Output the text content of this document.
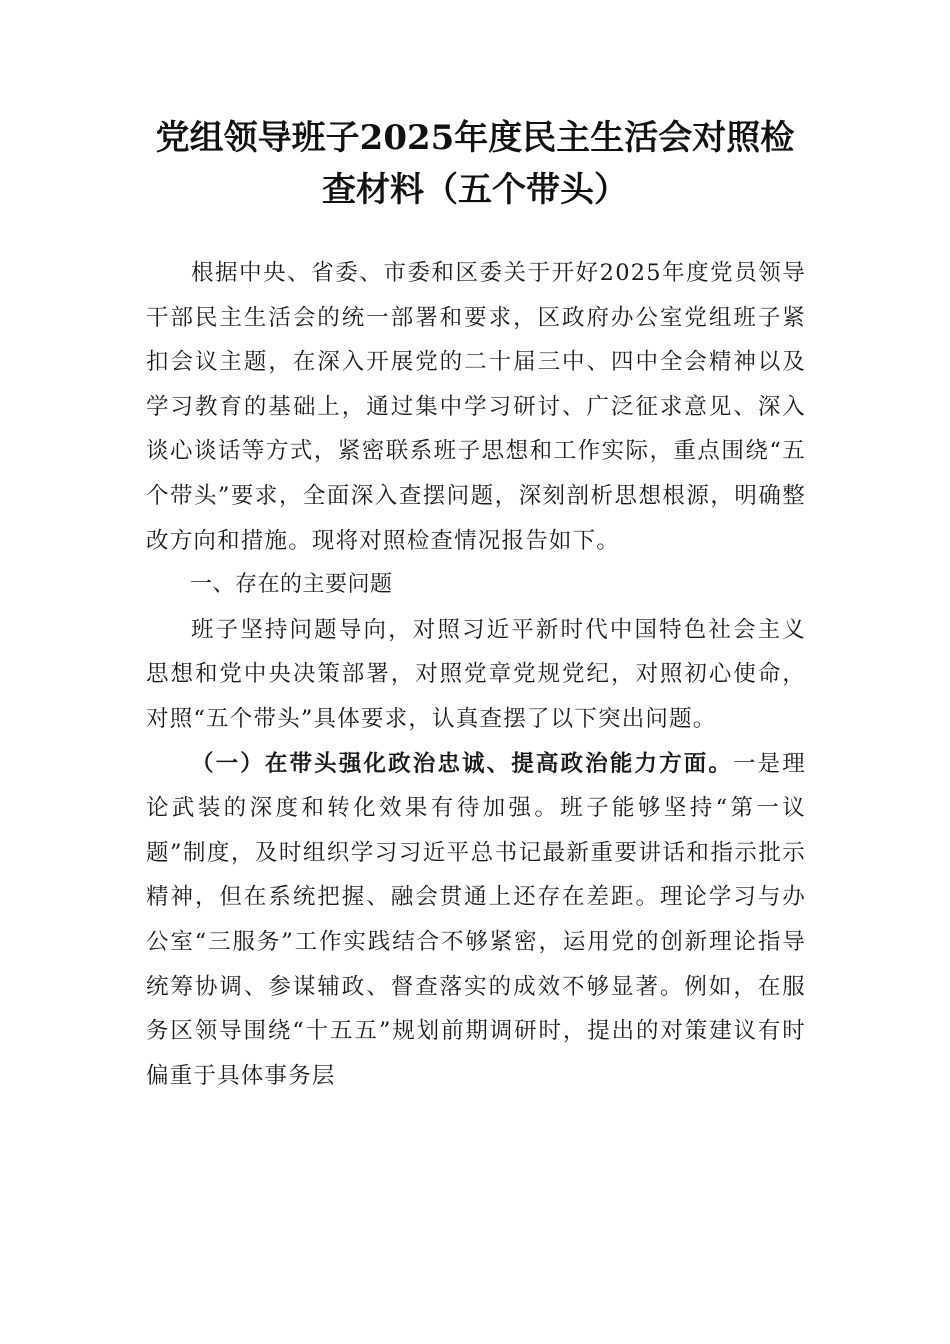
党组领导班子2025年度民主生活会对照检查材料（五个带头）

根据中央、省委、市委和区委关于开好2025年度党员领导干部民主生活会的统一部署和要求，区政府办公室党组班子紧扣会议主题，在深入开展党的二十届三中、四中全会精神以及学习教育的基础上，通过集中学习研讨、广泛征求意见、深入谈心谈话等方式，紧密联系班子思想和工作实际，重点围绕“五个带头”要求，全面深入查摆问题，深刻剖析思想根源，明确整改方向和措施。现将对照检查情况报告如下。

一、存在的主要问题

班子坚持问题导向，对照习近平新时代中国特色社会主义思想和党中央决策部署，对照党章党规党纪，对照初心使命，对照“五个带头”具体要求，认真查摆了以下突出问题。

（一）在带头强化政治忠诚、提高政治能力方面。一是理论武装的深度和转化效果有待加强。班子能够坚持“第一议题”制度，及时组织学习习近平总书记最新重要讲话和指示批示精神，但在系统把握、融会贯通上还存在差距。理论学习与办公室“三服务”工作实践结合不够紧密，运用党的创新理论指导统筹协调、参谋辅政、督查落实的成效不够显著。例如，在服务区领导围绕“十五五”规划前期调研时，提出的对策建议有时偏重于具体事务层
